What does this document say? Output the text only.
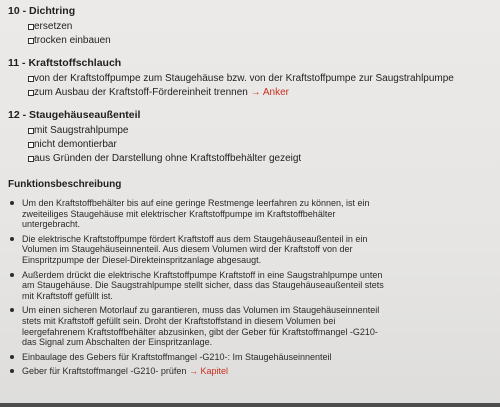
10 - Dichtring

ersetzen
trocken einbauen

11 - Kraftstoffschlauch

von der Kraftstoffpumpe zum Staugehäuse bzw. von der Kraftstoffpumpe zur Saugstrahlpumpe
zum Ausbau der Kraftstoff-Fördereinheit trennen → Anker

12 - Staugehäuseaußenteil

mit Saugstrahlpumpe
nicht demontierbar
aus Gründen der Darstellung ohne Kraftstoffbehälter gezeigt

Funktionsbeschreibung

Um den Kraftstoffbehälter bis auf eine geringe Restmenge leerfahren zu können, ist ein
zweiteiliges Staugehäuse mit elektrischer Kraftstoffpumpe im Kraftstoffbehälter
untergebracht.
Die elektrische Kraftstoffpumpe fördert Kraftstoff aus dem Staugehäuseaußenteil in ein
Volumen im Staugehäuseinnenteil. Aus diesem Volumen wird der Kraftstoff von der
Einspritzpumpe der Diesel-Direkteinspritzanlage abgesaugt.
Außerdem drückt die elektrische Kraftstoffpumpe Kraftstoff in eine Saugstrahlpumpe unten
am Staugehäuse. Die Saugstrahlpumpe stellt sicher, dass das Staugehäuseaußenteil stets
mit Kraftstoff gefüllt ist.
Um einen sicheren Motorlauf zu garantieren, muss das Volumen im Staugehäuseinnenteil
stets mit Kraftstoff gefüllt sein. Droht der Kraftstoffstand in diesem Volumen bei
leergefahrenem Kraftstoffbehälter abzusinken, gibt der Geber für Kraftstoffmangel -G210-
das Signal zum Abschalten der Einspritzanlage.
Einbaulage des Gebers für Kraftstoffmangel -G210-: Im Staugehäuseinnenteil
Geber für Kraftstoffmangel -G210- prüfen → Kapitel
